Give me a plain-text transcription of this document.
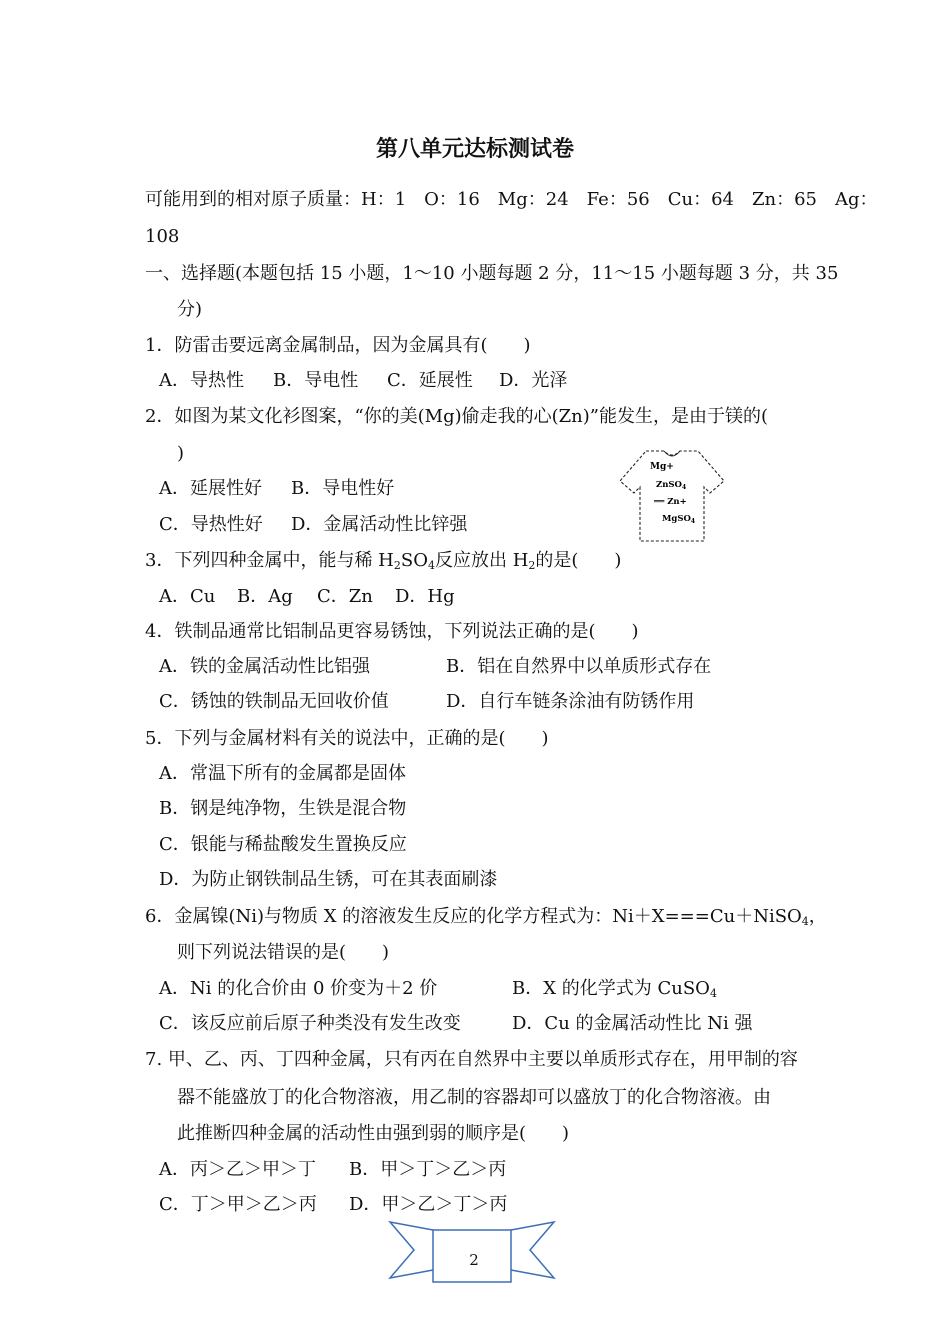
第八单元达标测试卷
可能用到的相对原子质量：H：1　O：16　Mg：24　Fe：56　Cu：64　Zn：65　Ag：
108
一、选择题(本题包括 15 小题，1～10 小题每题 2 分，11～15 小题每题 3 分，共 35
分)
1．防雷击要远离金属制品，因为金属具有(　　)
A．导热性 B．导电性 C．延展性 D．光泽
2．如图为某文化衫图案，“你的美(Mg)偷走我的心(Zn)”能发生，是由于镁的(
)
A．延展性好 B．导电性好
C．导热性好 D．金属活动性比锌强
Mg+
ZnSO$_4$
══ Zn+
MgSO$_4$
3．下列四种金属中，能与稀 $H_2SO_4$反应放出 $H_2$的是(　　)
A．Cu B．Ag C．Zn D．Hg
4．铁制品通常比铝制品更容易锈蚀，下列说法正确的是(　　)
A．铁的金属活动性比铝强	B．铝在自然界中以单质形式存在
C．锈蚀的铁制品无回收价值	D．自行车链条涂油有防锈作用
5．下列与金属材料有关的说法中，正确的是(　　)
A．常温下所有的金属都是固体
B．钢是纯净物，生铁是混合物
C．银能与稀盐酸发生置换反应
D．为防止钢铁制品生锈，可在其表面刷漆
6．金属镍(Ni)与物质 X 的溶液发生反应的化学方程式为：Ni＋X===Cu＋NiSO$_4$，
则下列说法错误的是(　　)
A．Ni 的化合价由 0 价变为＋2 价	B．X 的化学式为 CuSO$_4$
C．该反应前后原子种类没有发生改变	D．Cu 的金属活动性比 Ni 强
7. 甲、乙、丙、丁四种金属，只有丙在自然界中主要以单质形式存在，用甲制的容
器不能盛放丁的化合物溶液，用乙制的容器却可以盛放丁的化合物溶液。由
此推断四种金属的活动性由强到弱的顺序是(　　)
A．丙＞乙＞甲＞丁 B．甲＞丁＞乙＞丙
C．丁＞甲＞乙＞丙 D．甲＞乙＞丁＞丙
2
